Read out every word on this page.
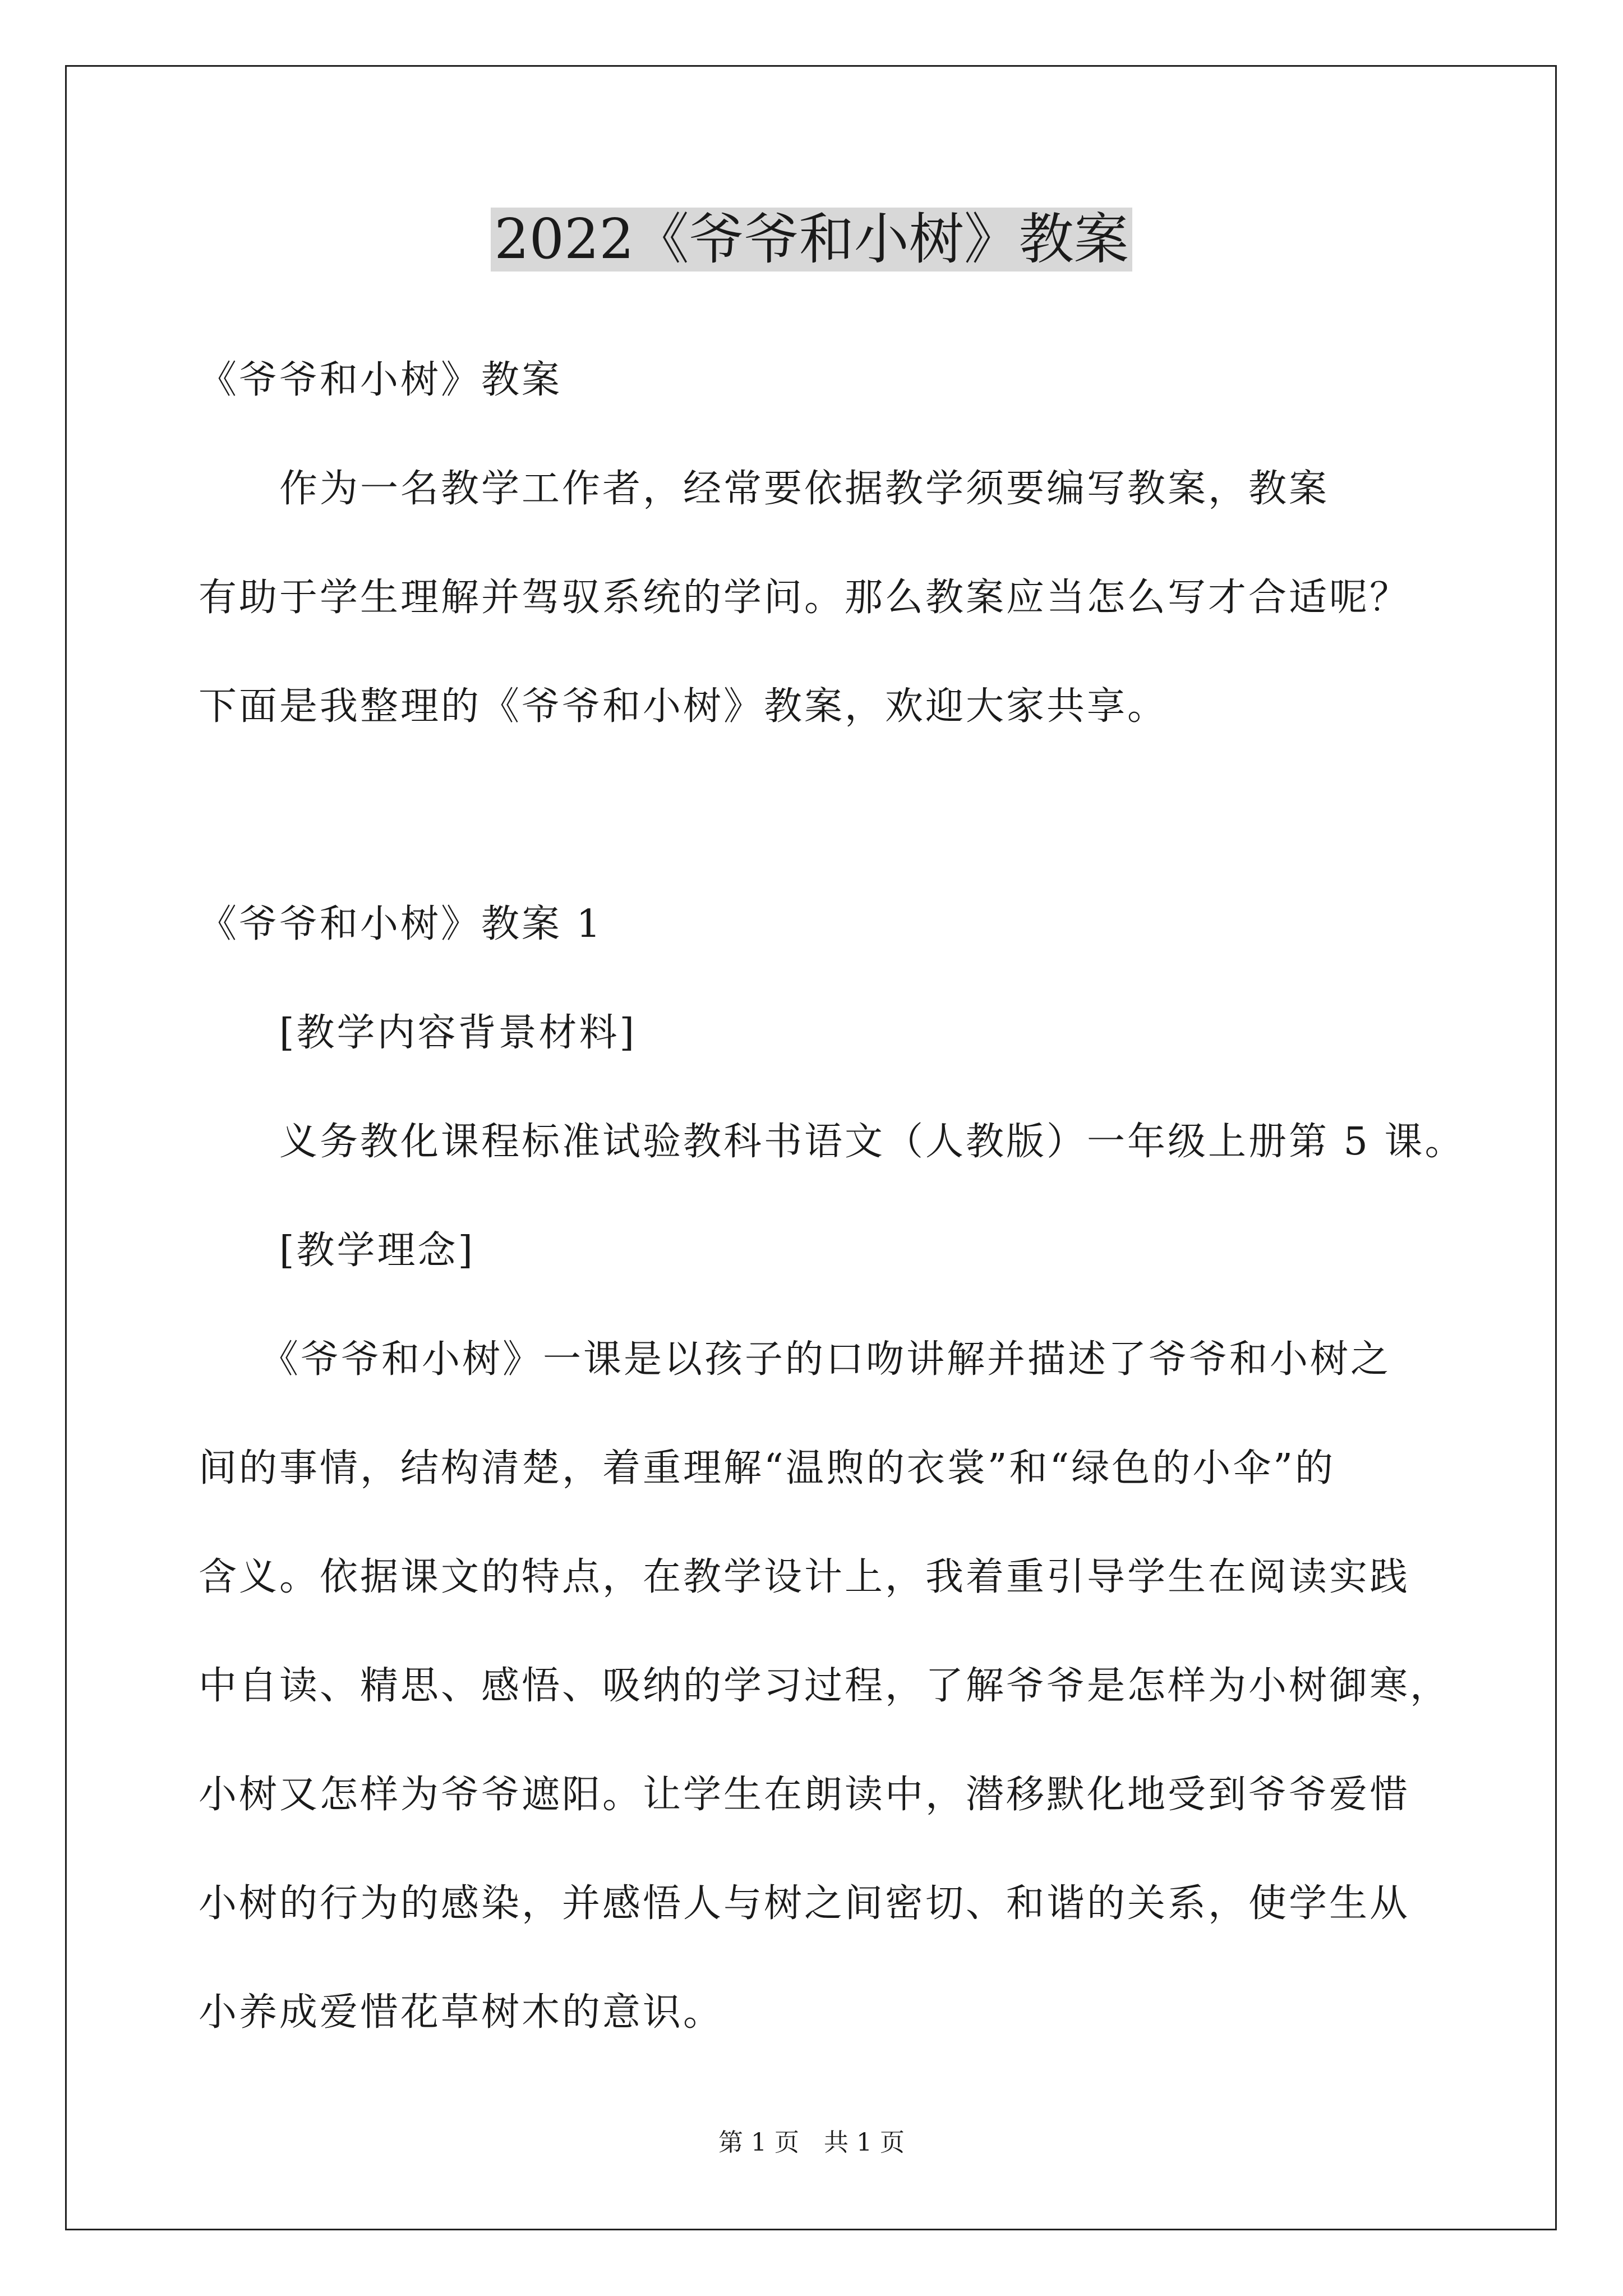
2022《爷爷和小树》教案
《爷爷和小树》教案
　　作为一名教学工作者，经常要依据教学须要编写教案，教案
有助于学生理解并驾驭系统的学问。那么教案应当怎么写才合适呢？
下面是我整理的《爷爷和小树》教案，欢迎大家共享。
《爷爷和小树》教案 1
　　[教学内容背景材料]
　　义务教化课程标准试验教科书语文（人教版）一年级上册第 5 课。
　　[教学理念]
　　《爷爷和小树》一课是以孩子的口吻讲解并描述了爷爷和小树之
间的事情，结构清楚，着重理解“温煦的衣裳”和“绿色的小伞”的
含义。依据课文的特点，在教学设计上，我着重引导学生在阅读实践
中自读、精思、感悟、吸纳的学习过程，了解爷爷是怎样为小树御寒，
小树又怎样为爷爷遮阳。让学生在朗读中，潜移默化地受到爷爷爱惜
小树的行为的感染，并感悟人与树之间密切、和谐的关系，使学生从
小养成爱惜花草树木的意识。
第 1 页　共 1 页
